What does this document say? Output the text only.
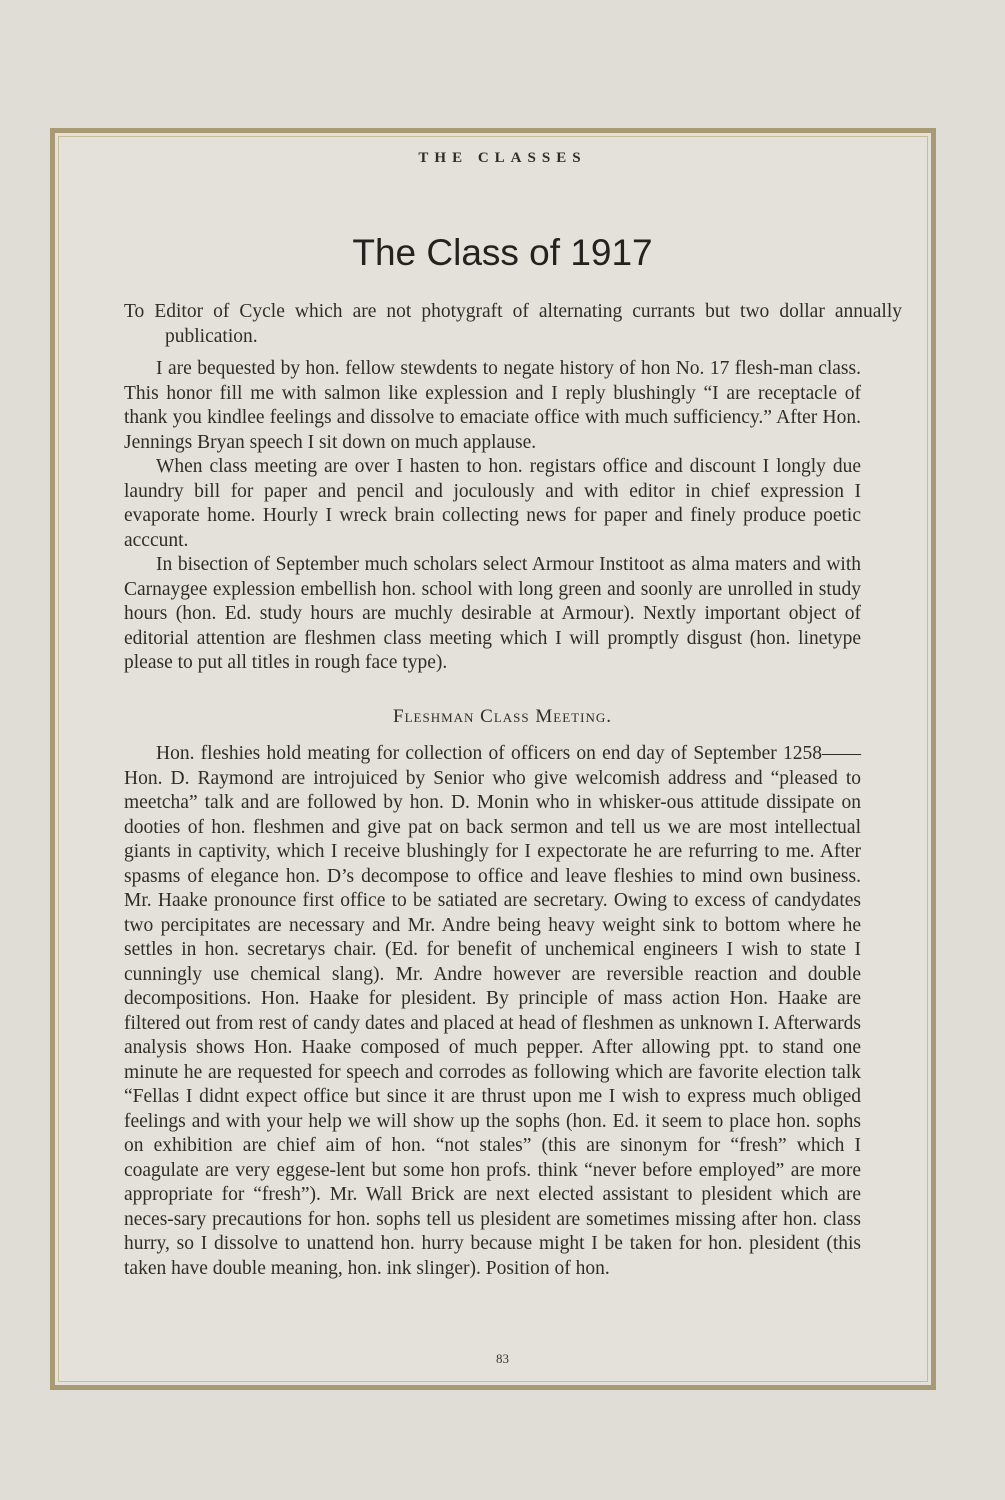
THE CLASSES
The Class of 1917

To Editor of Cycle which are not photygraft of alternating currants but two dollar annually publication.

I are bequested by hon. fellow stewdents to negate history of hon No. 17 flesh-man class. This honor fill me with salmon like explession and I reply blushingly “I are receptacle of thank you kindlee feelings and dissolve to emaciate office with much sufficiency.” After Hon. Jennings Bryan speech I sit down on much applause.

When class meeting are over I hasten to hon. registars office and discount I longly due laundry bill for paper and pencil and joculously and with editor in chief expression I evaporate home. Hourly I wreck brain collecting news for paper and finely produce poetic acccunt.

In bisection of September much scholars select Armour Institoot as alma maters and with Carnaygee explession embellish hon. school with long green and soonly are unrolled in study hours (hon. Ed. study hours are muchly desirable at Armour). Nextly important object of editorial attention are fleshmen class meeting which I will promptly disgust (hon. linetype please to put all titles in rough face type).

Fleshman Class Meeting.

Hon. fleshies hold meating for collection of officers on end day of September 1258——Hon. D. Raymond are introjuiced by Senior who give welcomish address and “pleased to meetcha” talk and are followed by hon. D. Monin who in whisker-ous attitude dissipate on dooties of hon. fleshmen and give pat on back sermon and tell us we are most intellectual giants in captivity, which I receive blushingly for I expectorate he are refurring to me. After spasms of elegance hon. D’s decompose to office and leave fleshies to mind own business. Mr. Haake pronounce first office to be satiated are secretary. Owing to excess of candydates two percipitates are necessary and Mr. Andre being heavy weight sink to bottom where he settles in hon. secretarys chair. (Ed. for benefit of unchemical engineers I wish to state I cunningly use chemical slang). Mr. Andre however are reversible reaction and double decompositions. Hon. Haake for plesident. By principle of mass action Hon. Haake are filtered out from rest of candy dates and placed at head of fleshmen as unknown I. Afterwards analysis shows Hon. Haake composed of much pepper. After allowing ppt. to stand one minute he are requested for speech and corrodes as following which are favorite election talk “Fellas I didnt expect office but since it are thrust upon me I wish to express much obliged feelings and with your help we will show up the sophs (hon. Ed. it seem to place hon. sophs on exhibition are chief aim of hon. “not stales” (this are sinonym for “fresh” which I coagulate are very eggese-lent but some hon profs. think “never before employed” are more appropriate for “fresh”). Mr. Wall Brick are next elected assistant to plesident which are neces-sary precautions for hon. sophs tell us plesident are sometimes missing after hon. class hurry, so I dissolve to unattend hon. hurry because might I be taken for hon. plesident (this taken have double meaning, hon. ink slinger). Position of hon.

83
